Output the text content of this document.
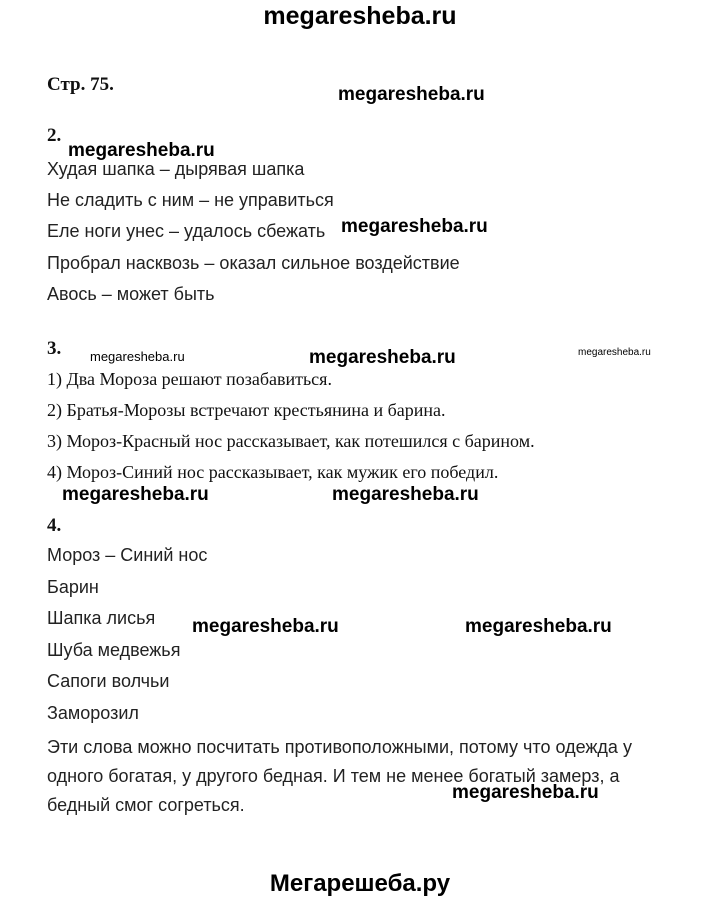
megaresheba.ru
Стр. 75.
2.
Худая шапка – дырявая шапка
Не сладить с ним – не управиться
Еле ноги унес – удалось сбежать
Пробрал насквозь – оказал сильное воздействие
Авось – может быть
3.
1) Два Мороза решают позабавиться.
2) Братья-Морозы встречают крестьянина и барина.
3) Мороз-Красный нос рассказывает, как потешился с барином.
4) Мороз-Синий нос рассказывает, как мужик его победил.
4.
Мороз – Синий нос
Барин
Шапка лисья
Шуба медвежья
Сапоги волчьи
Заморозил
Эти слова можно посчитать противоположными, потому что одежда у одного богатая, у другого бедная. И тем не менее богатый замерз, а бедный смог согреться.
megaresheba.ru
megaresheba.ru
megaresheba.ru
megaresheba.ru	megaresheba.ru	megaresheba.ru
megaresheba.ru	megaresheba.ru
megaresheba.ru	megaresheba.ru
megaresheba.ru
Мегарешеба.ру
